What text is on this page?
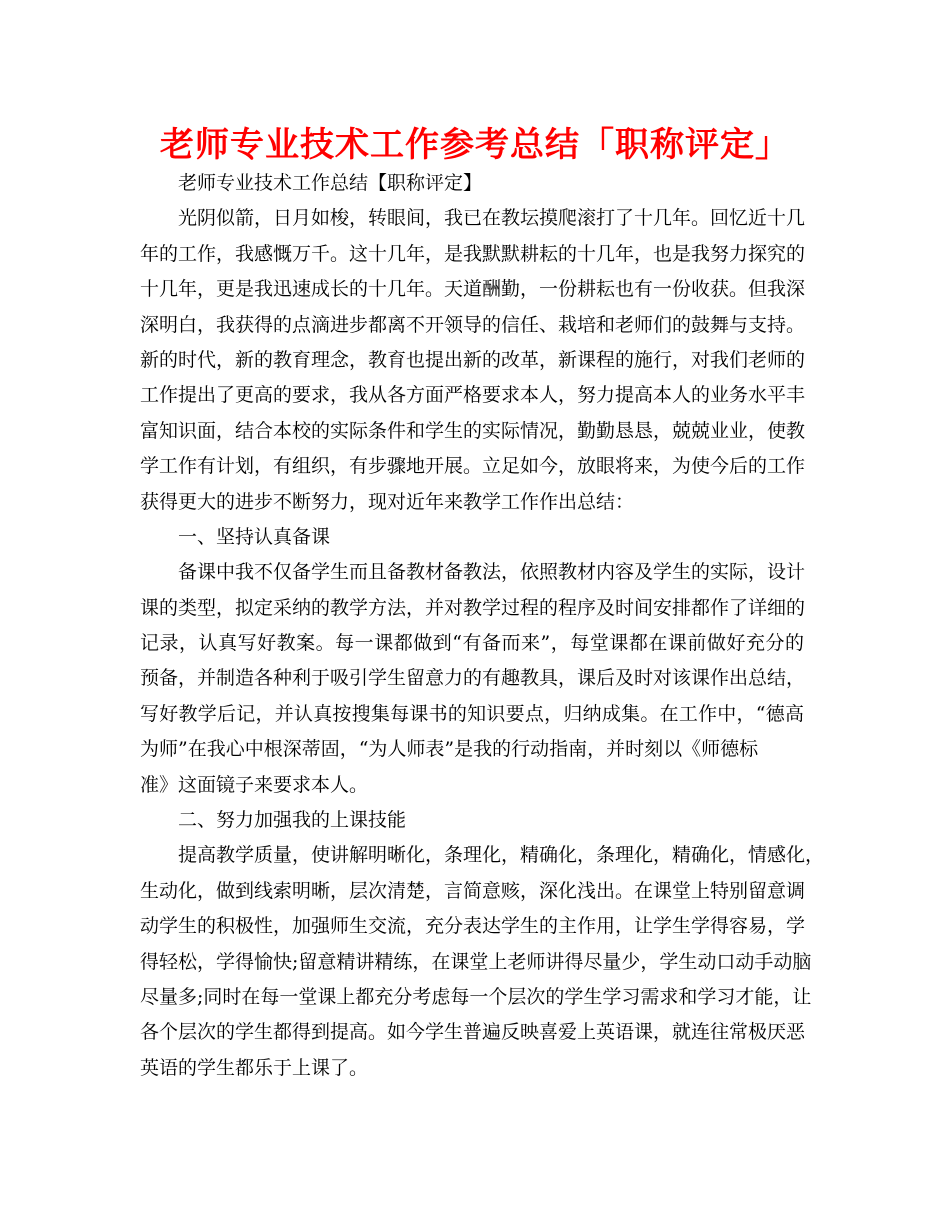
老师专业技术工作参考总结「职称评定」
老师专业技术工作总结【职称评定】
光阴似箭，日月如梭，转眼间，我已在教坛摸爬滚打了十几年。回忆近十几
年的工作，我感慨万千。这十几年，是我默默耕耘的十几年，也是我努力探究的
十几年，更是我迅速成长的十几年。天道酬勤，一份耕耘也有一份收获。但我深
深明白，我获得的点滴进步都离不开领导的信任、栽培和老师们的鼓舞与支持。
新的时代，新的教育理念，教育也提出新的改革，新课程的施行，对我们老师的
工作提出了更高的要求，我从各方面严格要求本人，努力提高本人的业务水平丰
富知识面，结合本校的实际条件和学生的实际情况，勤勤恳恳，兢兢业业，使教
学工作有计划，有组织，有步骤地开展。立足如今，放眼将来，为使今后的工作
获得更大的进步不断努力，现对近年来教学工作作出总结：
一、坚持认真备课
备课中我不仅备学生而且备教材备教法，依照教材内容及学生的实际，设计
课的类型，拟定采纳的教学方法，并对教学过程的程序及时间安排都作了详细的
记录，认真写好教案。每一课都做到“有备而来”，每堂课都在课前做好充分的
预备，并制造各种利于吸引学生留意力的有趣教具，课后及时对该课作出总结，
写好教学后记，并认真按搜集每课书的知识要点，归纳成集。在工作中，“德高
为师”在我心中根深蒂固，“为人师表”是我的行动指南，并时刻以《师德标
准》这面镜子来要求本人。
二、努力加强我的上课技能
提高教学质量，使讲解明晰化，条理化，精确化，条理化，精确化，情感化，
生动化，做到线索明晰，层次清楚，言简意赅，深化浅出。在课堂上特别留意调
动学生的积极性，加强师生交流，充分表达学生的主作用，让学生学得容易，学
得轻松，学得愉快;留意精讲精练，在课堂上老师讲得尽量少，学生动口动手动脑
尽量多;同时在每一堂课上都充分考虑每一个层次的学生学习需求和学习才能，让
各个层次的学生都得到提高。如今学生普遍反映喜爱上英语课，就连往常极厌恶
英语的学生都乐于上课了。
